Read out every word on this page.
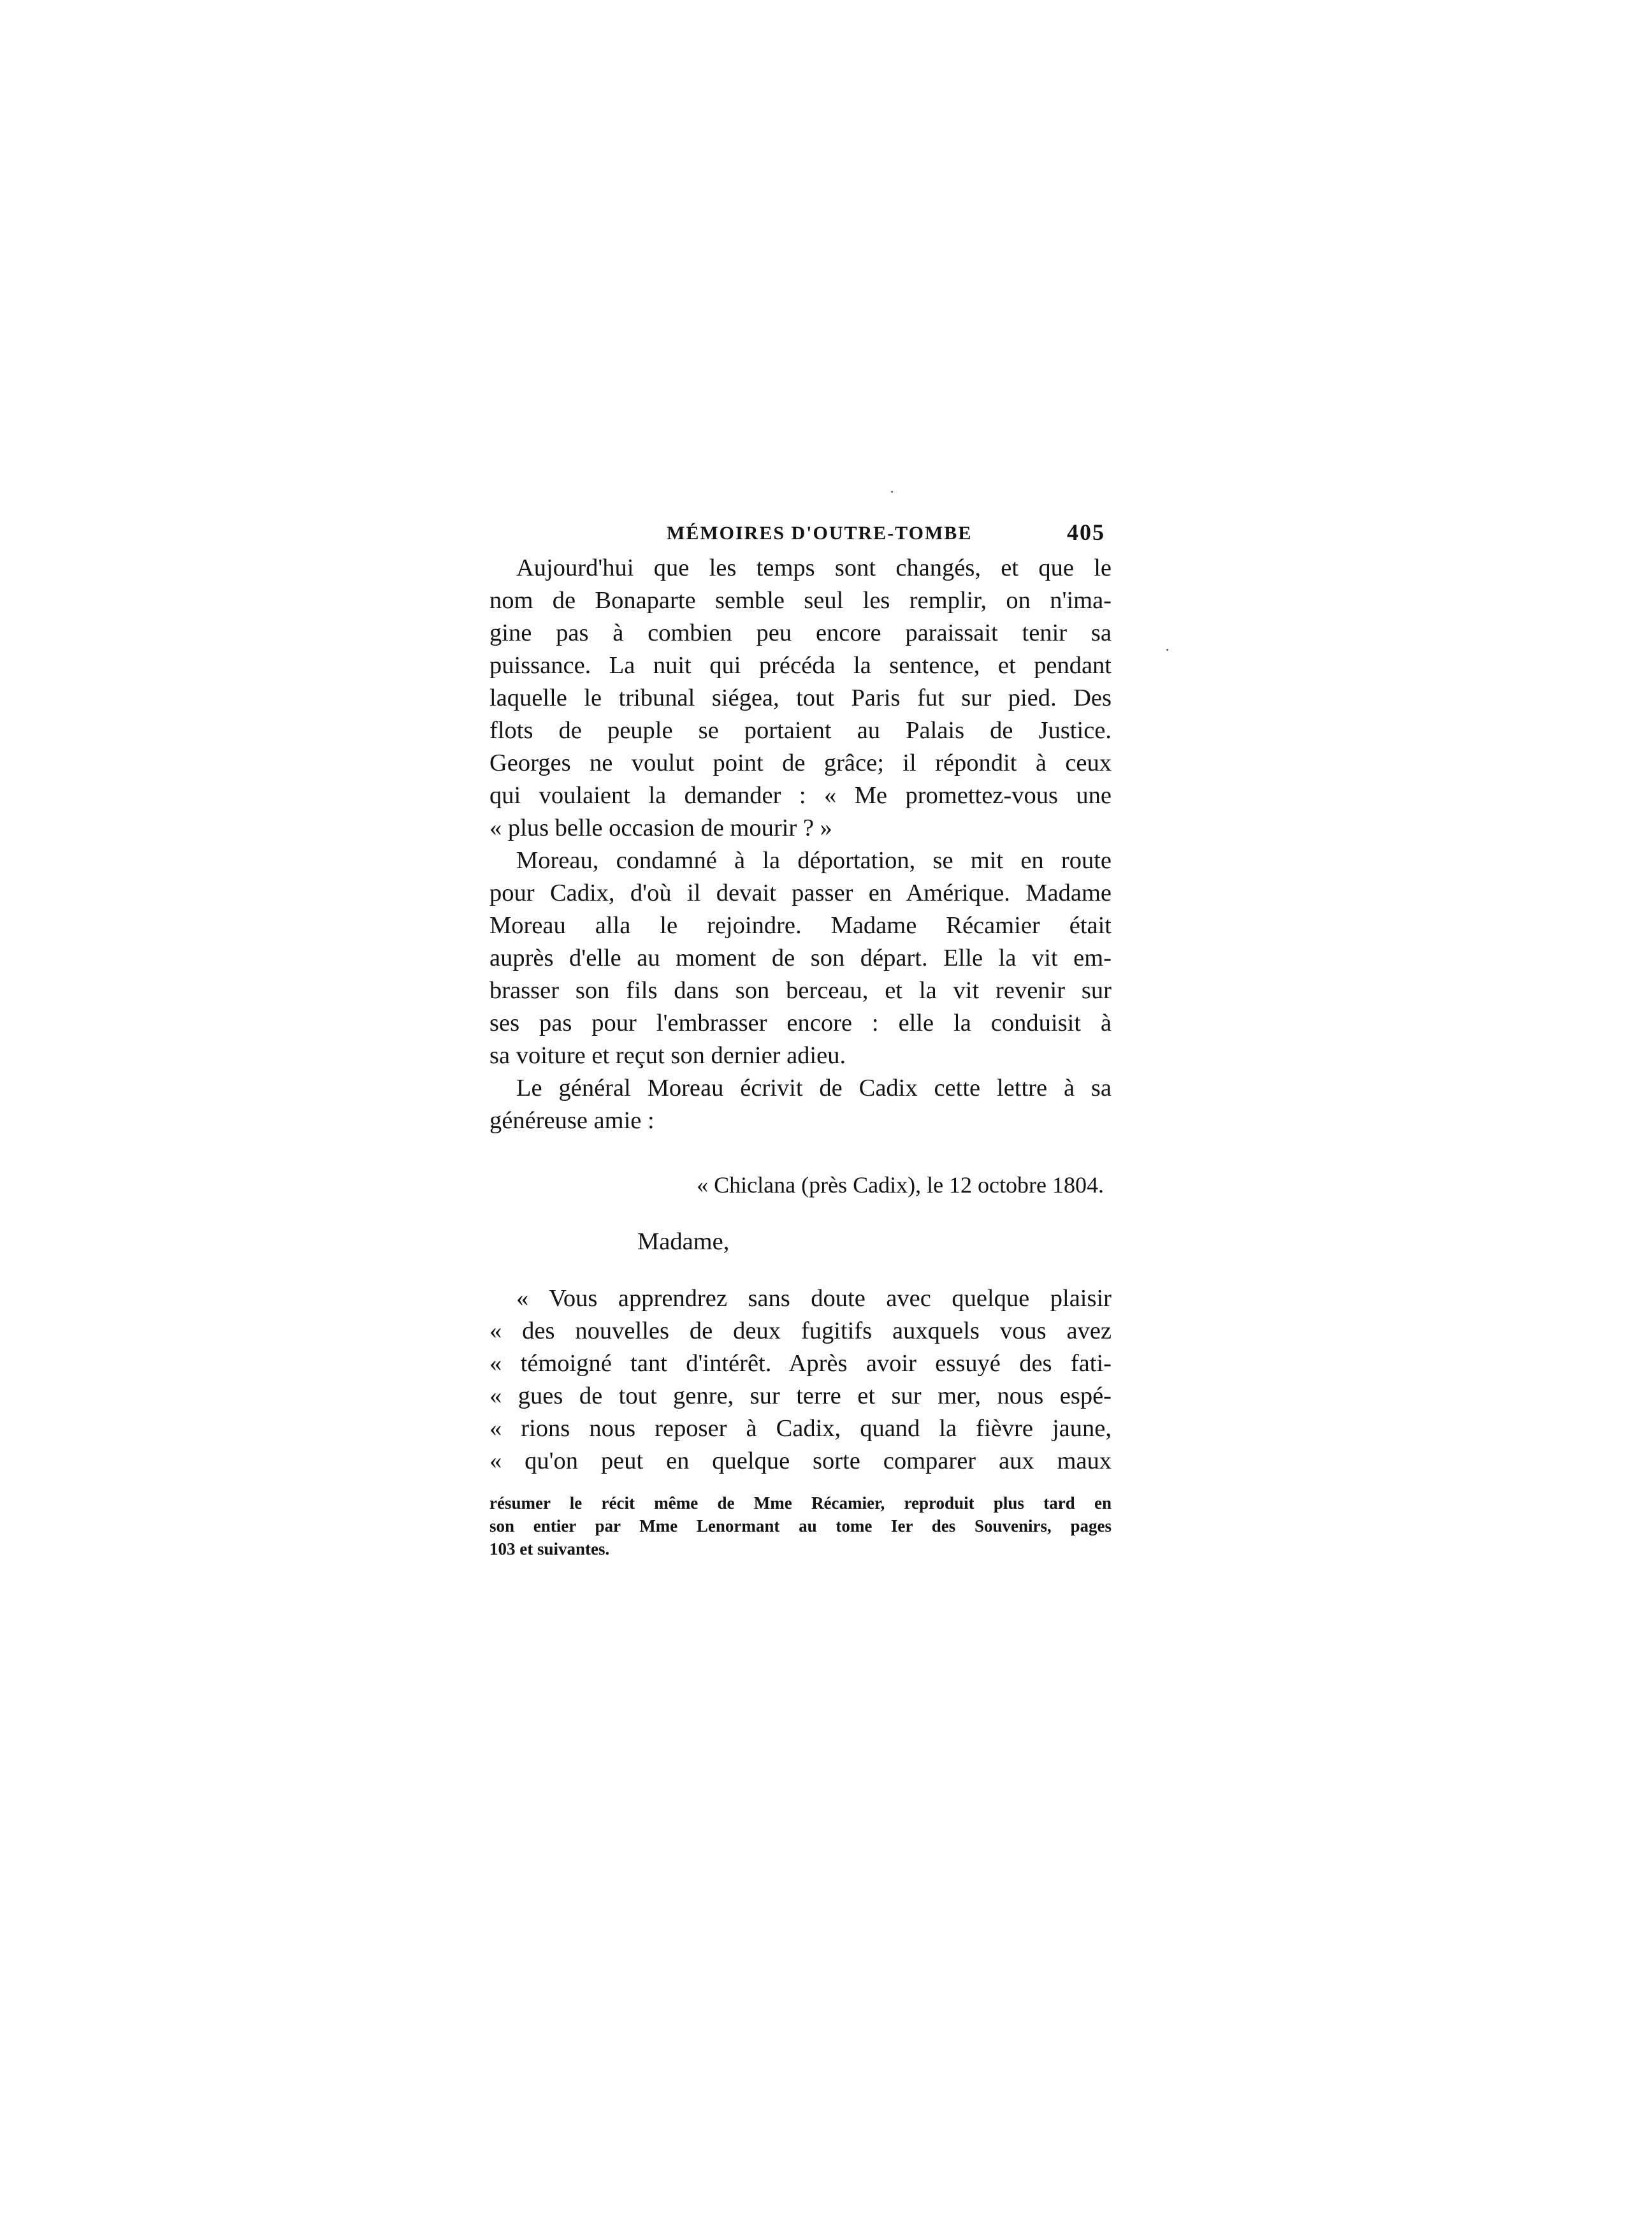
MÉMOIRES D'OUTRE-TOMBE	405
Aujourd'hui que les temps sont changés, et que le
nom de Bonaparte semble seul les remplir, on n'ima-
gine pas à combien peu encore paraissait tenir sa
puissance. La nuit qui précéda la sentence, et pendant
laquelle le tribunal siégea, tout Paris fut sur pied. Des
flots de peuple se portaient au Palais de Justice.
Georges ne voulut point de grâce; il répondit à ceux
qui voulaient la demander : « Me promettez-vous une
« plus belle occasion de mourir ? »
Moreau, condamné à la déportation, se mit en route
pour Cadix, d'où il devait passer en Amérique. Madame
Moreau alla le rejoindre. Madame Récamier était
auprès d'elle au moment de son départ. Elle la vit em-
brasser son fils dans son berceau, et la vit revenir sur
ses pas pour l'embrasser encore : elle la conduisit à
sa voiture et reçut son dernier adieu.
Le général Moreau écrivit de Cadix cette lettre à sa
généreuse amie :
« Chiclana (près Cadix), le 12 octobre 1804.
Madame,
« Vous apprendrez sans doute avec quelque plaisir
« des nouvelles de deux fugitifs auxquels vous avez
« témoigné tant d'intérêt. Après avoir essuyé des fati-
« gues de tout genre, sur terre et sur mer, nous espé-
« rions nous reposer à Cadix, quand la fièvre jaune,
« qu'on peut en quelque sorte comparer aux maux
résumer le récit même de Mme Récamier, reproduit plus tard en
son entier par Mme Lenormant au tome Ier des Souvenirs, pages
103 et suivantes.
